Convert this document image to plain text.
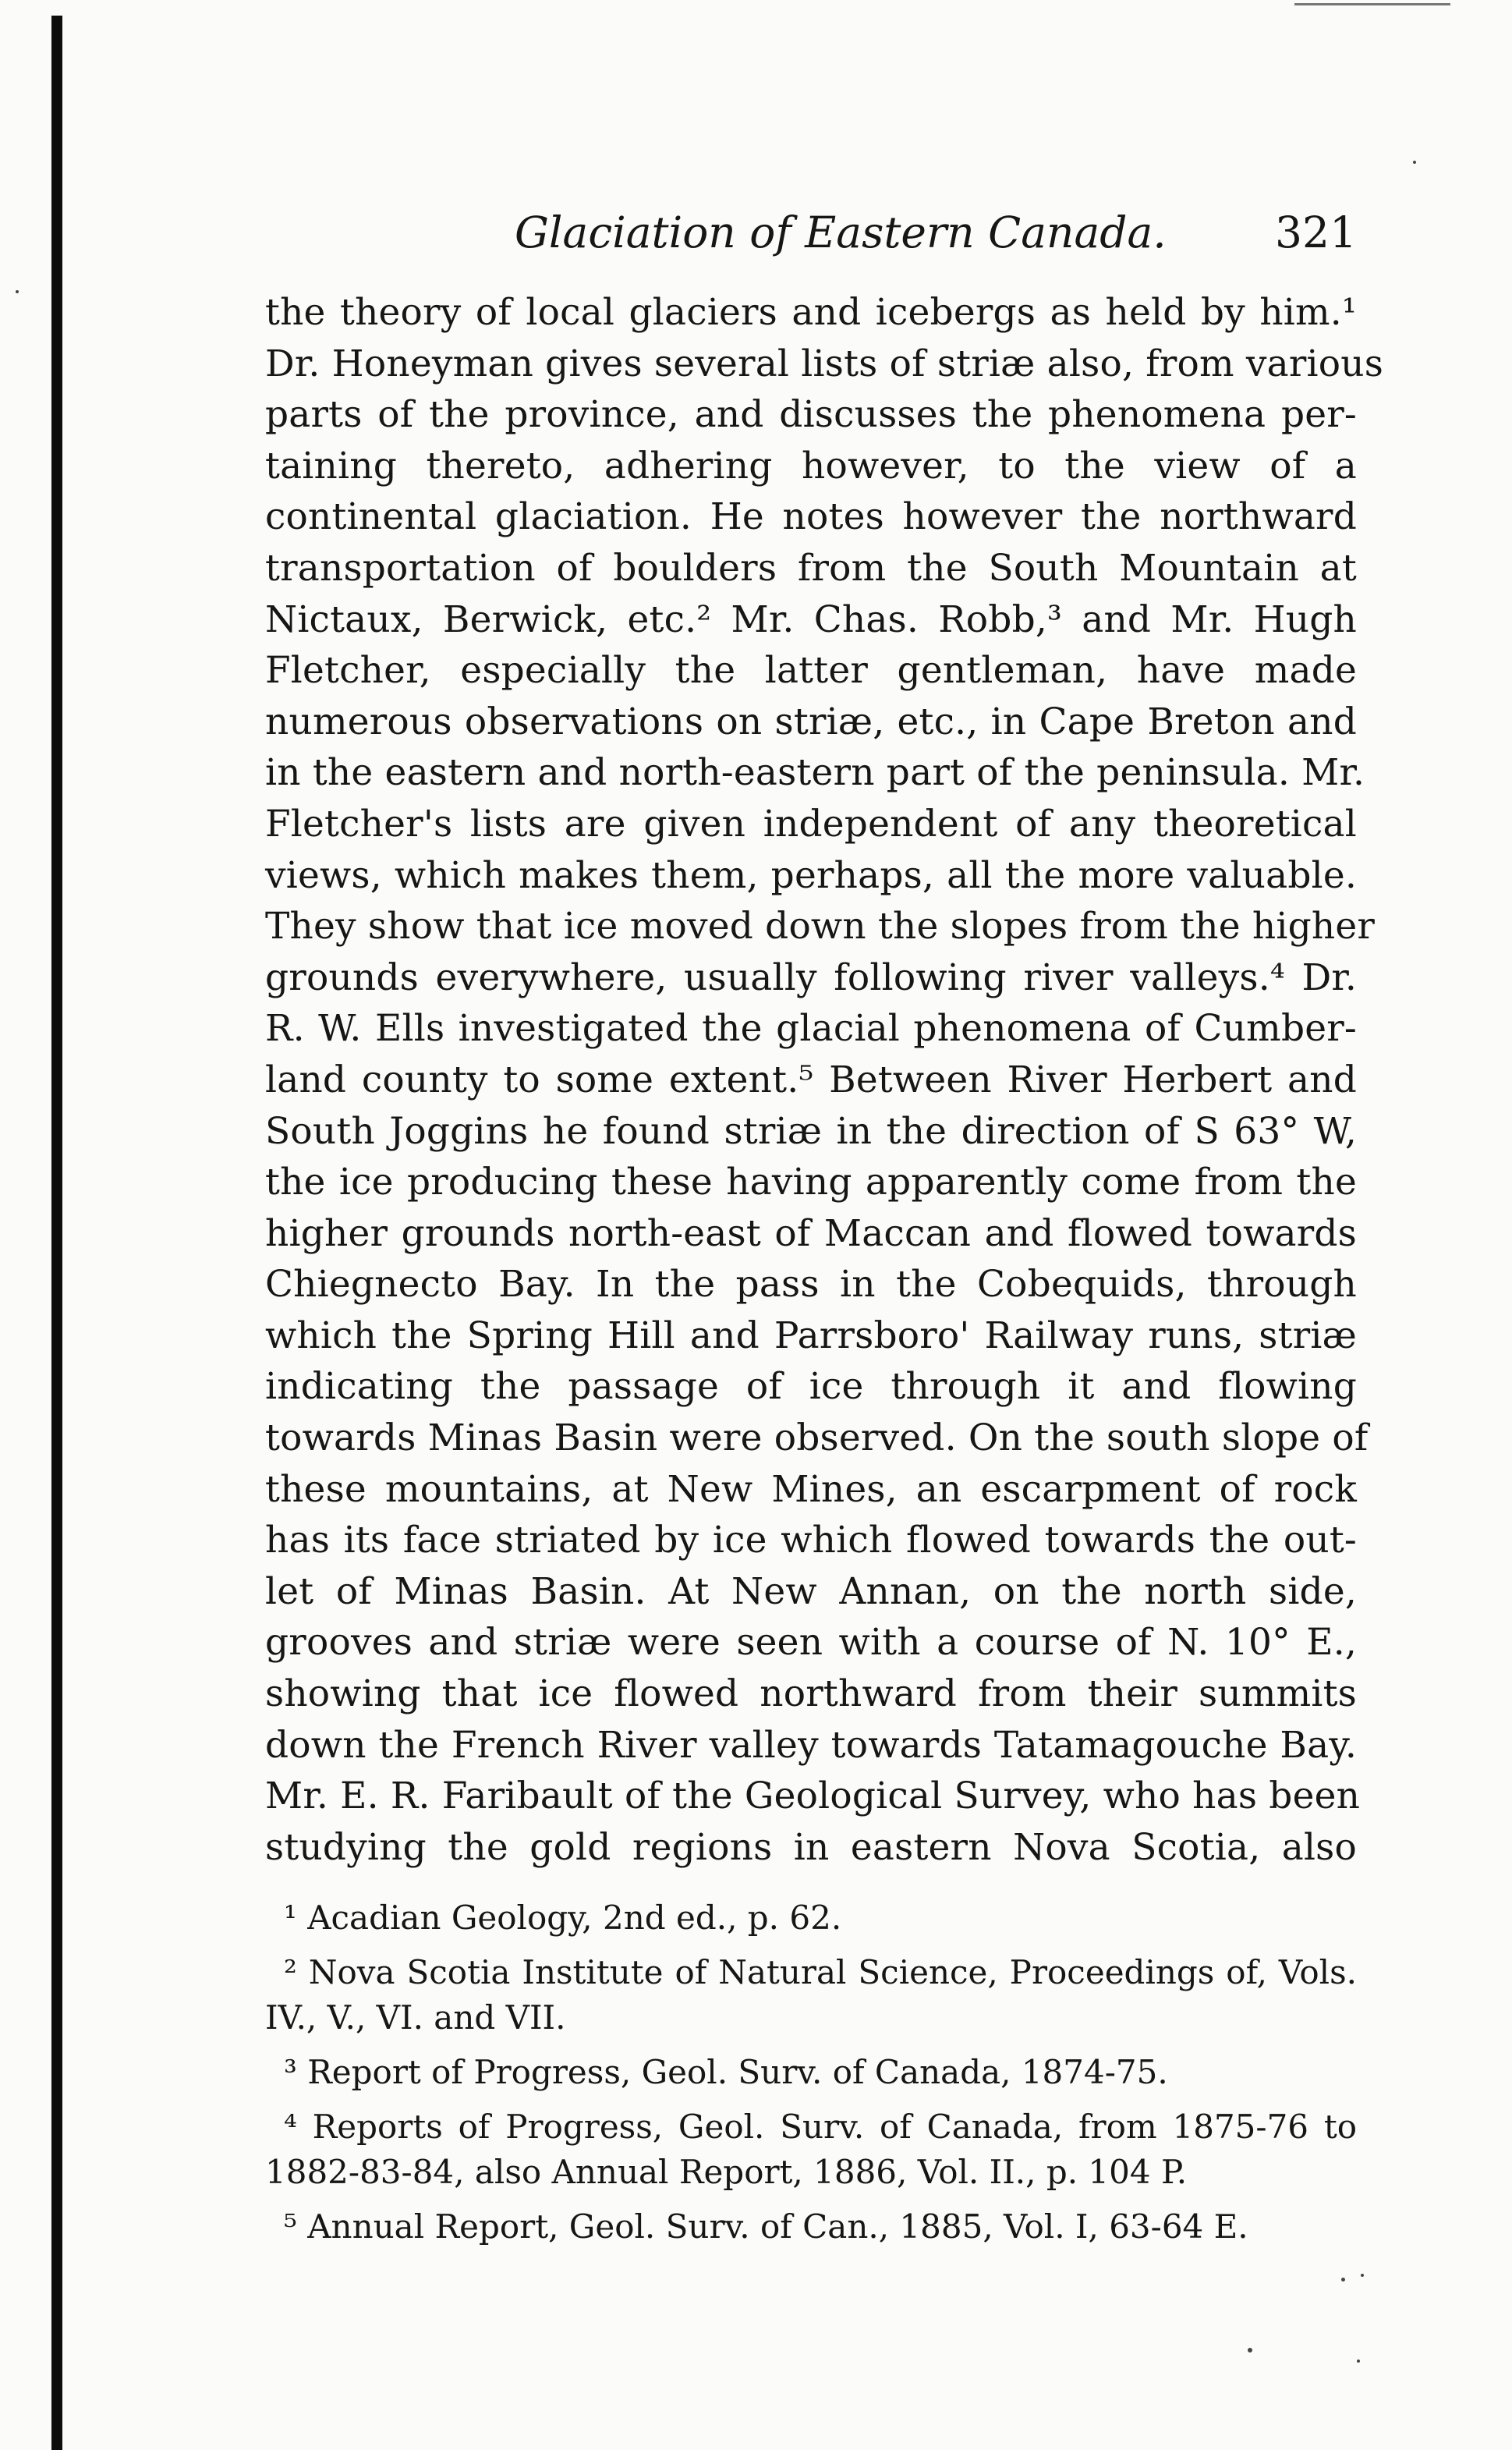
Glaciation of Eastern Canada.	321
the theory of local glaciers and icebergs as held by him.¹
Dr. Honeyman gives several lists of striæ also, from various
parts of the province, and discusses the phenomena per-
taining thereto, adhering however, to the view of a
continental glaciation. He notes however the northward
transportation of boulders from the South Mountain at
Nictaux, Berwick, etc.² Mr. Chas. Robb,³ and Mr. Hugh
Fletcher, especially the latter gentleman, have made
numerous observations on striæ, etc., in Cape Breton and
in the eastern and north-eastern part of the peninsula. Mr.
Fletcher's lists are given independent of any theoretical
views, which makes them, perhaps, all the more valuable.
They show that ice moved down the slopes from the higher
grounds everywhere, usually following river valleys.⁴ Dr.
R. W. Ells investigated the glacial phenomena of Cumber-
land county to some extent.⁵ Between River Herbert and
South Joggins he found striæ in the direction of S 63° W,
the ice producing these having apparently come from the
higher grounds north-east of Maccan and flowed towards
Chiegnecto Bay. In the pass in the Cobequids, through
which the Spring Hill and Parrsboro' Railway runs, striæ
indicating the passage of ice through it and flowing
towards Minas Basin were observed. On the south slope of
these mountains, at New Mines, an escarpment of rock
has its face striated by ice which flowed towards the out-
let of Minas Basin. At New Annan, on the north side,
grooves and striæ were seen with a course of N. 10° E.,
showing that ice flowed northward from their summits
down the French River valley towards Tatamagouche Bay.
Mr. E. R. Faribault of the Geological Survey, who has been
studying the gold regions in eastern Nova Scotia, also
¹ Acadian Geology, 2nd ed., p. 62.
² Nova Scotia Institute of Natural Science, Proceedings of, Vols.
IV., V., VI. and VII.
³ Report of Progress, Geol. Surv. of Canada, 1874-75.
⁴ Reports of Progress, Geol. Surv. of Canada, from 1875-76 to
1882-83-84, also Annual Report, 1886, Vol. II., p. 104 P.
⁵ Annual Report, Geol. Surv. of Can., 1885, Vol. I, 63-64 E.
